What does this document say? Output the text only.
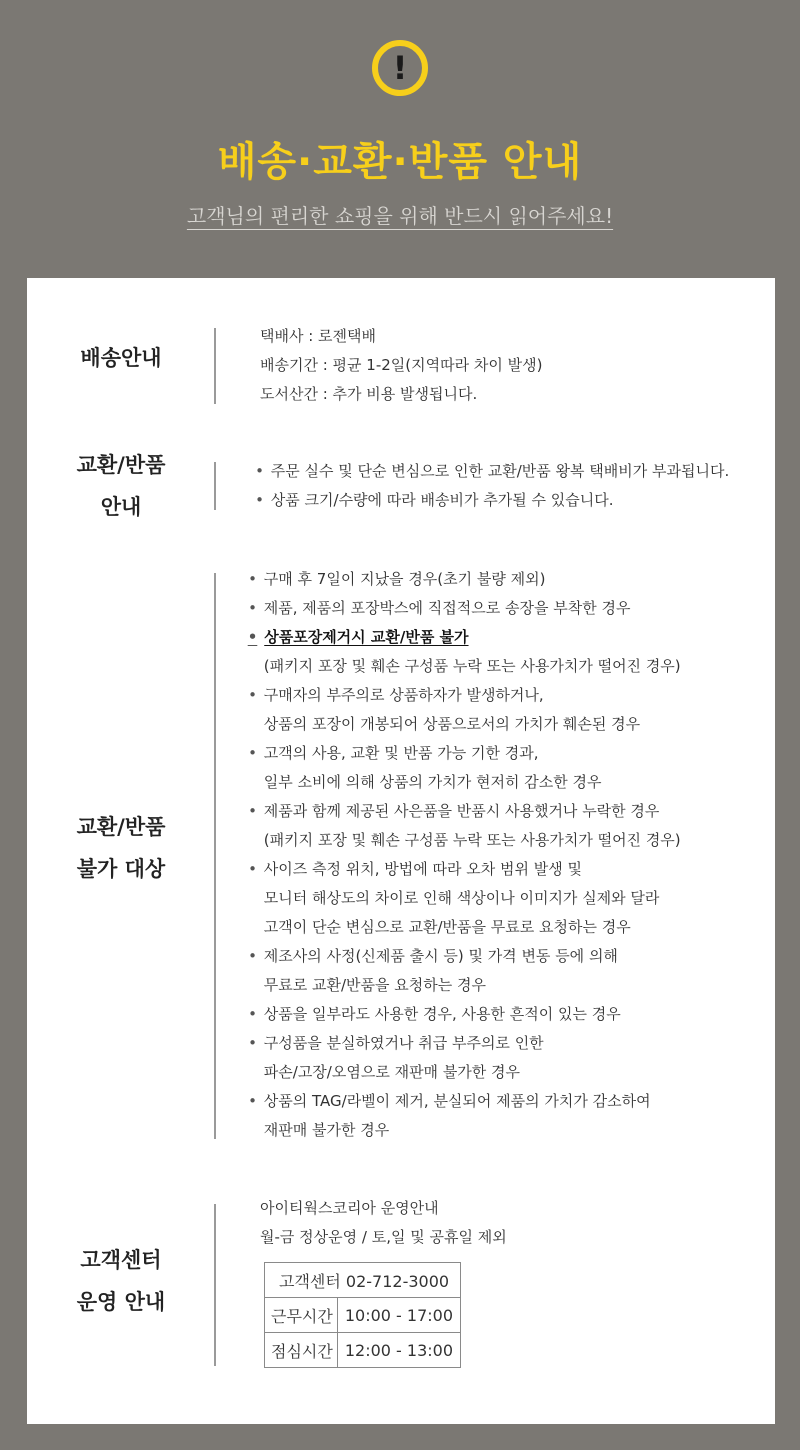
!
배송·교환·반품 안내
고객님의 편리한 쇼핑을 위해 반드시 읽어주세요!
배송안내
택배사 : 로젠택배
배송기간 : 평균 1-2일(지역따라 차이 발생)
도서산간 : 추가 비용 발생됩니다.
교환/반품
안내
• 주문 실수 및 단순 변심으로 인한 교환/반품 왕복 택배비가 부과됩니다.
• 상품 크기/수량에 따라 배송비가 추가될 수 있습니다.
교환/반품
불가 대상
• 구매 후 7일이 지났을 경우(초기 불량 제외)
• 제품, 제품의 포장박스에 직접적으로 송장을 부착한 경우
• 상품포장제거시 교환/반품 불가
(패키지 포장 및 훼손 구성품 누락 또는 사용가치가 떨어진 경우)
• 구매자의 부주의로 상품하자가 발생하거나,
상품의 포장이 개봉되어 상품으로서의 가치가 훼손된 경우
• 고객의 사용, 교환 및 반품 가능 기한 경과,
일부 소비에 의해 상품의 가치가 현저히 감소한 경우
• 제품과 함께 제공된 사은품을 반품시 사용했거나 누락한 경우
(패키지 포장 및 훼손 구성품 누락 또는 사용가치가 떨어진 경우)
• 사이즈 측정 위치, 방법에 따라 오차 범위 발생 및
모니터 해상도의 차이로 인해 색상이나 이미지가 실제와 달라
고객이 단순 변심으로 교환/반품을 무료로 요청하는 경우
• 제조사의 사정(신제품 출시 등) 및 가격 변동 등에 의해
무료로 교환/반품을 요청하는 경우
• 상품을 일부라도 사용한 경우, 사용한 흔적이 있는 경우
• 구성품을 분실하였거나 취급 부주의로 인한
파손/고장/오염으로 재판매 불가한 경우
• 상품의 TAG/라벨이 제거, 분실되어 제품의 가치가 감소하여
재판매 불가한 경우
고객센터
운영 안내
아이티웍스코리아 운영안내
월-금 정상운영 / 토,일 및 공휴일 제외
고객센터 02-712-3000	
근무시간	10:00 - 17:00
점심시간	12:00 - 13:00
